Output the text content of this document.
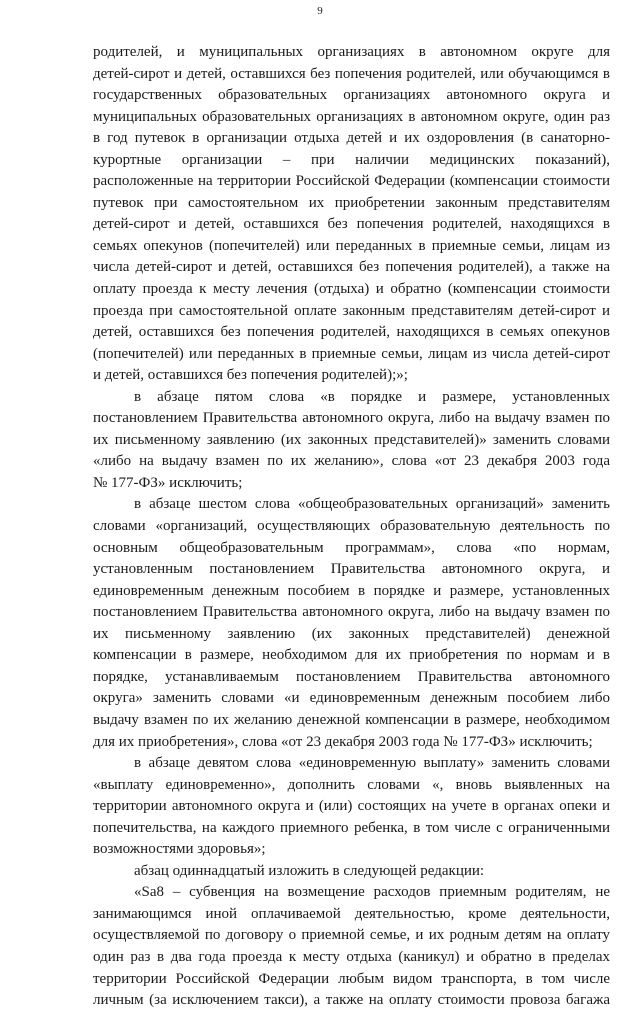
9
родителей, и муниципальных организациях в автономном округе для
детей-сирот и детей, оставшихся без попечения родителей, или обучающимся в
государственных образовательных организациях автономного округа и
муниципальных образовательных организациях в автономном округе, один раз
в год путевок в организации отдыха детей и их оздоровления (в санаторно-
курортные организации – при наличии медицинских показаний),
расположенные на территории Российской Федерации (компенсации стоимости
путевок при самостоятельном их приобретении законным представителям
детей-сирот и детей, оставшихся без попечения родителей, находящихся в
семьях опекунов (попечителей) или переданных в приемные семьи, лицам из
числа детей-сирот и детей, оставшихся без попечения родителей), а также на
оплату проезда к месту лечения (отдыха) и обратно (компенсации стоимости
проезда при самостоятельной оплате законным представителям детей-сирот и
детей, оставшихся без попечения родителей, находящихся в семьях опекунов
(попечителей) или переданных в приемные семьи, лицам из числа детей-сирот
и детей, оставшихся без попечения родителей);»;
в абзаце пятом слова «в порядке и размере, установленных
постановлением Правительства автономного округа, либо на выдачу взамен по
их письменному заявлению (их законных представителей)» заменить словами
«либо на выдачу взамен по их желанию», слова «от 23 декабря 2003 года
№ 177-ФЗ» исключить;
в абзаце шестом слова «общеобразовательных организаций» заменить
словами «организаций, осуществляющих образовательную деятельность по
основным общеобразовательным программам», слова «по нормам,
установленным постановлением Правительства автономного округа, и
единовременным денежным пособием в порядке и размере, установленных
постановлением Правительства автономного округа, либо на выдачу взамен по
их письменному заявлению (их законных представителей) денежной
компенсации в размере, необходимом для их приобретения по нормам и в
порядке, устанавливаемым постановлением Правительства автономного
округа» заменить словами «и единовременным денежным пособием либо
выдачу взамен по их желанию денежной компенсации в размере, необходимом
для их приобретения», слова «от 23 декабря 2003 года № 177-ФЗ» исключить;
в абзаце девятом слова «единовременную выплату» заменить словами
«выплату единовременно», дополнить словами «, вновь выявленных на
территории автономного округа и (или) состоящих на учете в органах опеки и
попечительства, на каждого приемного ребенка, в том числе с ограниченными
возможностями здоровья»;
абзац одиннадцатый изложить в следующей редакции:
«Sa8 – субвенция на возмещение расходов приемным родителям, не
занимающимся иной оплачиваемой деятельностью, кроме деятельности,
осуществляемой по договору о приемной семье, и их родным детям на оплату
один раз в два года проезда к месту отдыха (каникул) и обратно в пределах
территории Российской Федерации любым видом транспорта, в том числе
личным (за исключением такси), а также на оплату стоимости провоза багажа
